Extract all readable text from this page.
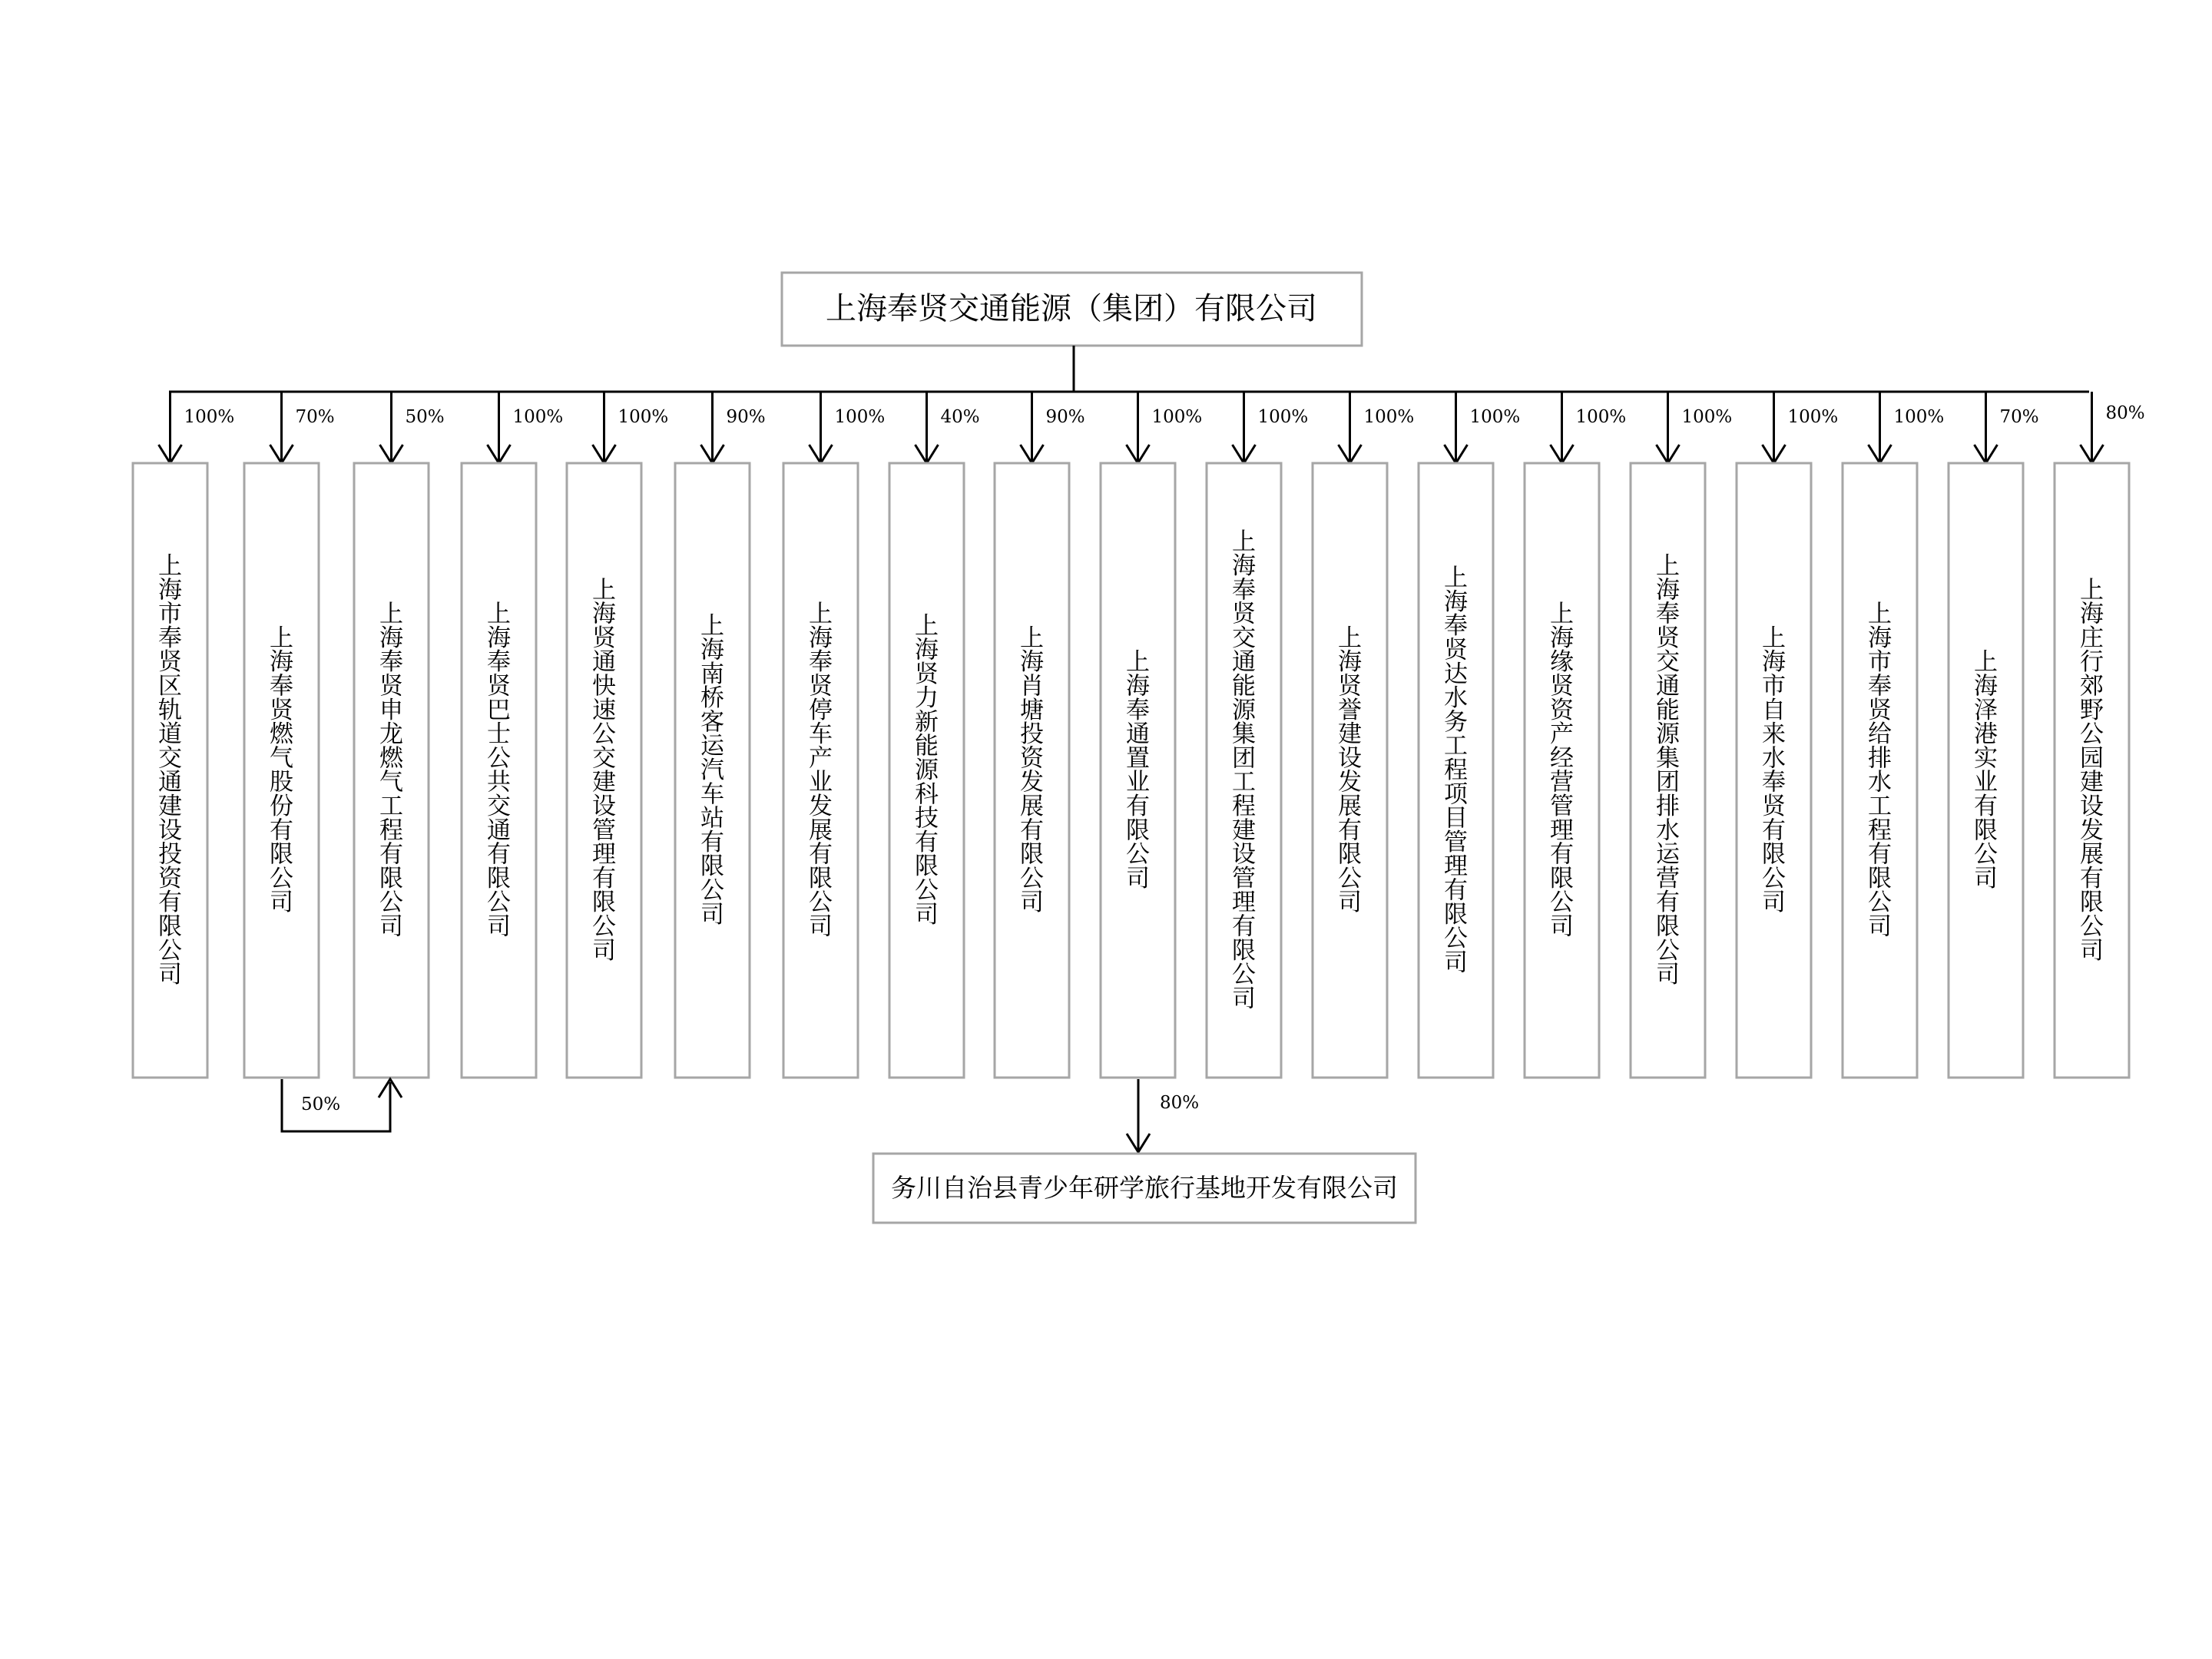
上海奉贤交通能源（集团）有限公司
100%
上海市奉贤区轨道交通建设投资有限公司
70%
上海奉贤燃气股份有限公司
50%
上海奉贤申龙燃气工程有限公司
100%
上海奉贤巴士公共交通有限公司
100%
上海贤通快速公交建设管理有限公司
90%
上海南桥客运汽车站有限公司
100%
上海奉贤停车产业发展有限公司
40%
上海贤力新能源科技有限公司
90%
上海肖塘投资发展有限公司
100%
上海奉通置业有限公司
100%
上海奉贤交通能源集团工程建设管理有限公司
100%
上海贤誉建设发展有限公司
100%
上海奉贤达水务工程项目管理有限公司
100%
上海缘贤资产经营管理有限公司
100%
上海奉贤交通能源集团排水运营有限公司
100%
上海市自来水奉贤有限公司
100%
上海市奉贤给排水工程有限公司
70%
上海泽港实业有限公司
80%
上海庄行郊野公园建设发展有限公司
50%	80%
务川自治县青少年研学旅行基地开发有限公司
